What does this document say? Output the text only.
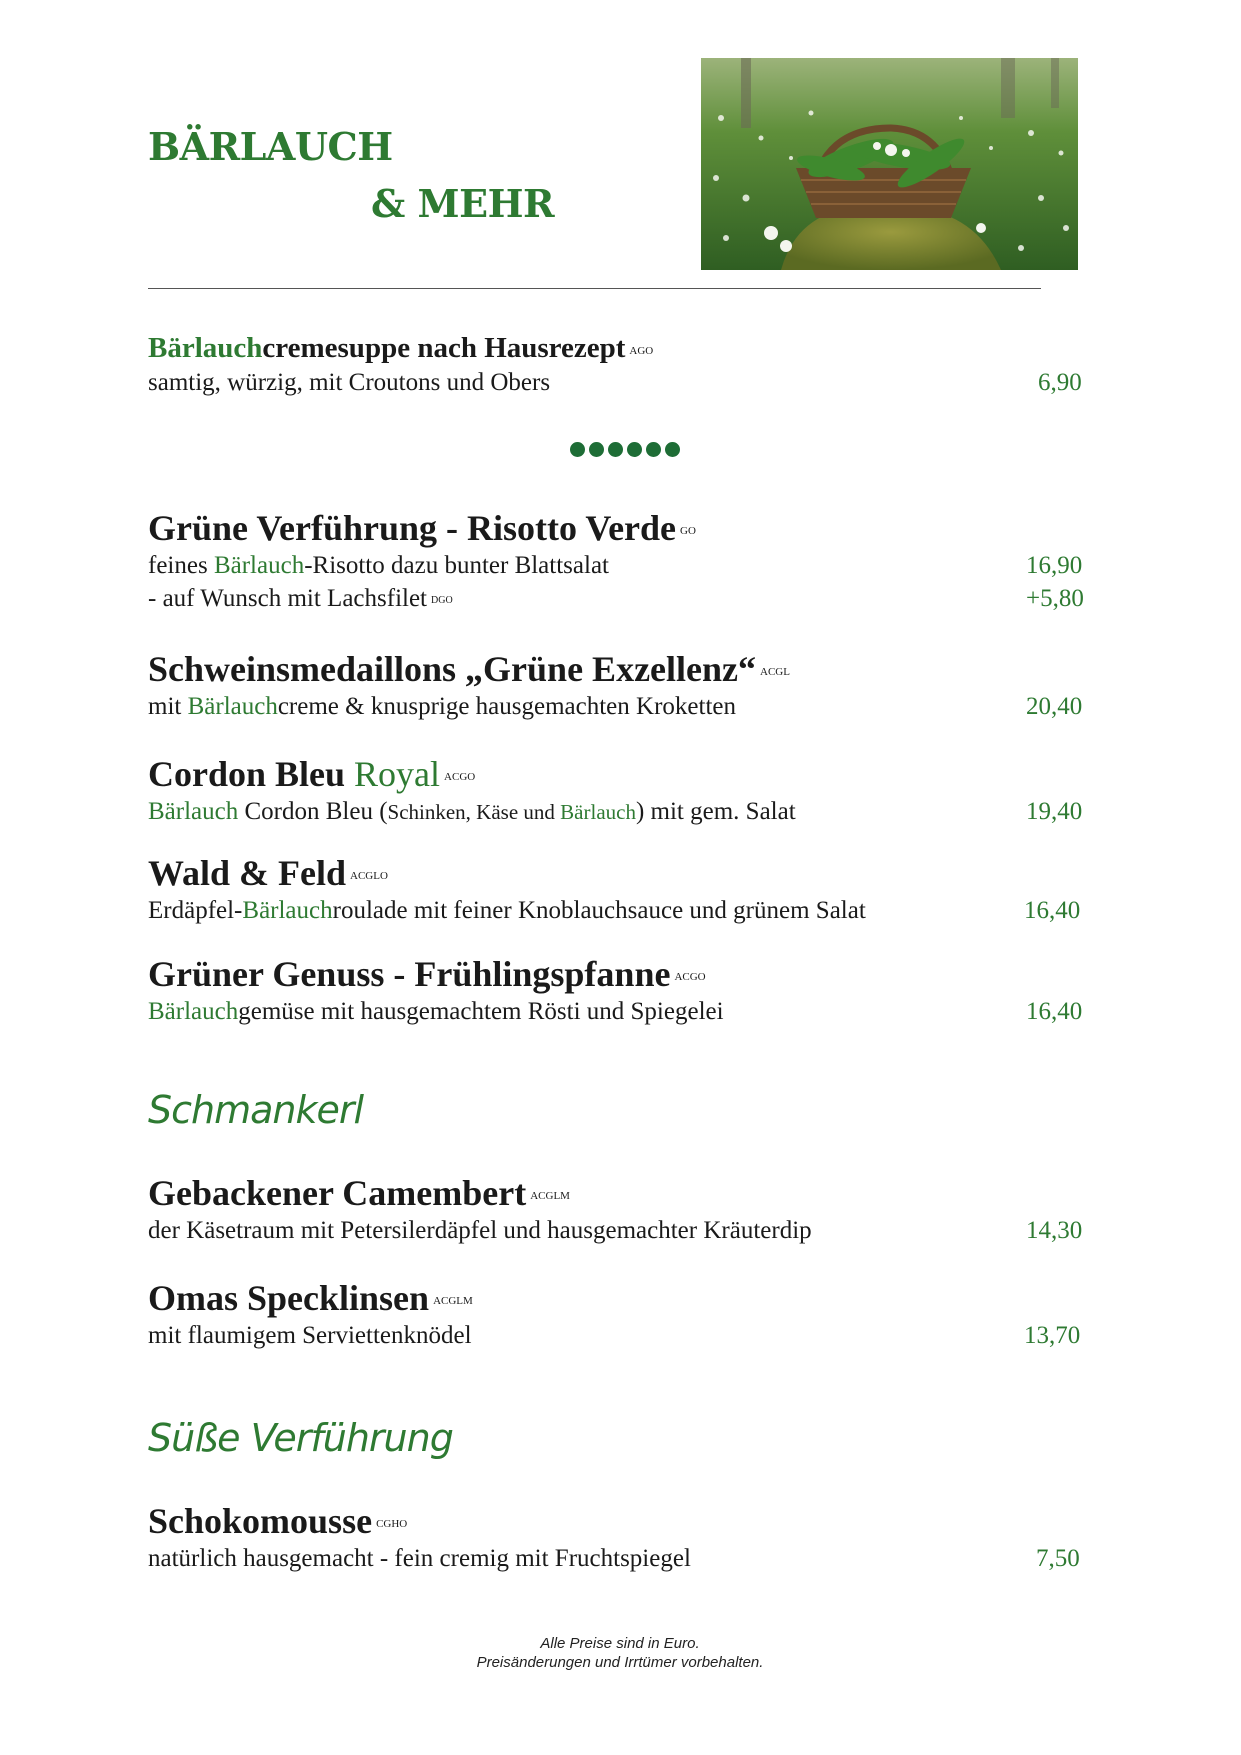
BÄRLAUCH
& MEHR
Bärlauchcremesuppe nach Hausrezept $^{AGO}$
samtig, würzig, mit Croutons und Obers	6,90
Grüne Verführung - Risotto Verde $^{GO}$
feines Bärlauch-Risotto dazu bunter Blattsalat	16,90
- auf Wunsch mit Lachsfilet $^{DGO}$	+5,80
Schweinsmedaillons „Grüne Exzellenz“ $^{ACGL}$
mit Bärlauchcreme & knusprige hausgemachten Kroketten	20,40
Cordon Bleu Royal $^{ACGO}$
Bärlauch Cordon Bleu (Schinken, Käse und Bärlauch) mit gem. Salat	19,40
Wald & Feld $^{ACGLO}$
Erdäpfel-Bärlauchroulade mit feiner Knoblauchsauce und grünem Salat	16,40
Grüner Genuss - Frühlingspfanne $^{ACGO}$
Bärlauchgemüse mit hausgemachtem Rösti und Spiegelei	16,40
Schmankerl
Gebackener Camembert $^{ACGLM}$
der Käsetraum mit Petersilerdäpfel und hausgemachter Kräuterdip	14,30
Omas Specklinsen $^{ACGLM}$
mit flaumigem Serviettenknödel	13,70
Süße Verführung
Schokomousse $^{CGHO}$
natürlich hausgemacht - fein cremig mit Fruchtspiegel	7,50
Alle Preise sind in Euro.
Preisänderungen und Irrtümer vorbehalten.
